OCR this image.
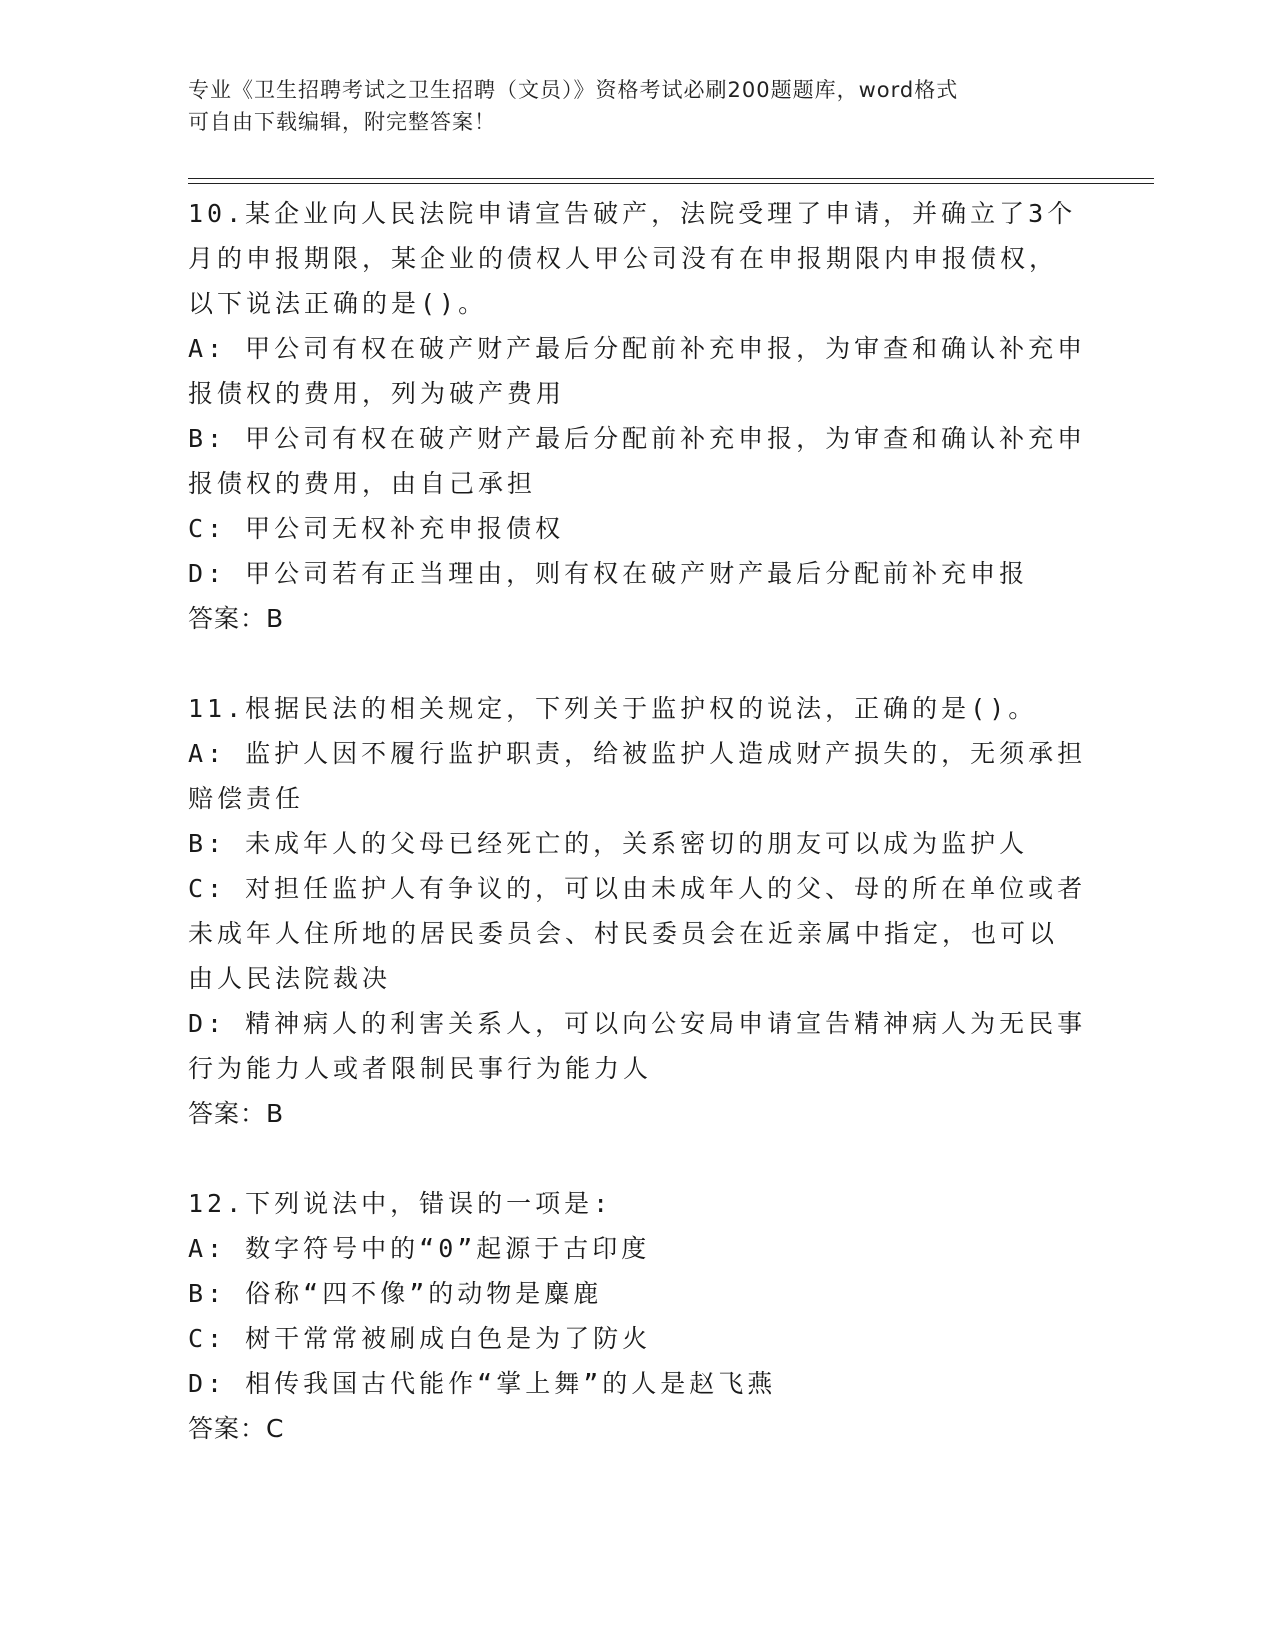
专业《卫生招聘考试之卫生招聘（文员）》资格考试必刷200题题库，word格式
可自由下载编辑，附完整答案！
10.某企业向人民法院申请宣告破产，法院受理了申请，并确立了3个
月的申报期限，某企业的债权人甲公司没有在申报期限内申报债权，
以下说法正确的是()。
A: 甲公司有权在破产财产最后分配前补充申报，为审查和确认补充申
报债权的费用，列为破产费用
B: 甲公司有权在破产财产最后分配前补充申报，为审查和确认补充申
报债权的费用，由自己承担
C: 甲公司无权补充申报债权
D: 甲公司若有正当理由，则有权在破产财产最后分配前补充申报
答案：B
11.根据民法的相关规定，下列关于监护权的说法，正确的是()。
A: 监护人因不履行监护职责，给被监护人造成财产损失的，无须承担
赔偿责任
B: 未成年人的父母已经死亡的，关系密切的朋友可以成为监护人
C: 对担任监护人有争议的，可以由未成年人的父、母的所在单位或者
未成年人住所地的居民委员会、村民委员会在近亲属中指定，也可以
由人民法院裁决
D: 精神病人的利害关系人，可以向公安局申请宣告精神病人为无民事
行为能力人或者限制民事行为能力人
答案：B
12.下列说法中，错误的一项是:
A: 数字符号中的“0”起源于古印度
B: 俗称“四不像”的动物是麋鹿
C: 树干常常被刷成白色是为了防火
D: 相传我国古代能作“掌上舞”的人是赵飞燕
答案：C
